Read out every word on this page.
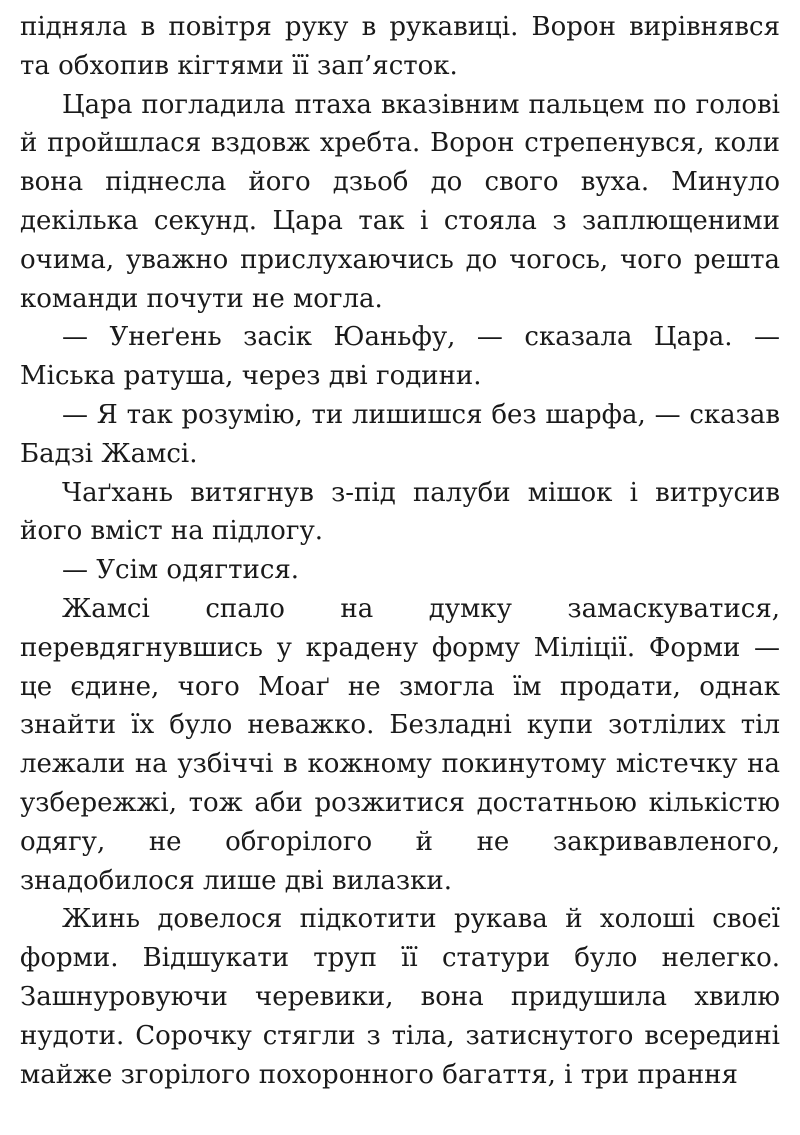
підняла в повітря руку в рукавиці. Ворон вирівнявся та обхопив кігтями її зап’ясток.

Цара погладила птаха вказівним пальцем по голові й пройшлася вздовж хребта. Ворон стрепенувся, коли вона піднесла його дзьоб до свого вуха. Минуло декілька секунд. Цара так і стояла з заплющеними очима, уважно прислухаючись до чогось, чого решта команди почути не могла.

— Унеґень засік Юаньфу, — сказала Цара. — Міська ратуша, через дві години.

— Я так розумію, ти лишишся без шарфа, — сказав Бадзі Жамсі.

Чаґхань витягнув з-під палуби мішок і витрусив його вміст на підлогу.

— Усім одягтися.

Жамсі спало на думку замаскуватися, перевдягнувшись у крадену форму Міліції. Форми — це єдине, чого Моаґ не змогла їм продати, однак знайти їх було неважко. Безладні купи зотлілих тіл лежали на узбіччі в кожному покинутому містечку на узбережжі, тож аби розжитися достатньою кількістю одягу, не обгорілого й не закривавленого, знадобилося лише дві вилазки.

Жинь довелося підкотити рукава й холоші своєї форми. Відшукати труп її статури було нелегко. Зашнуровуючи черевики, вона придушила хвилю нудоти. Сорочку стягли з тіла, затиснутого всередині майже згорілого похоронного багаття, і три прання
